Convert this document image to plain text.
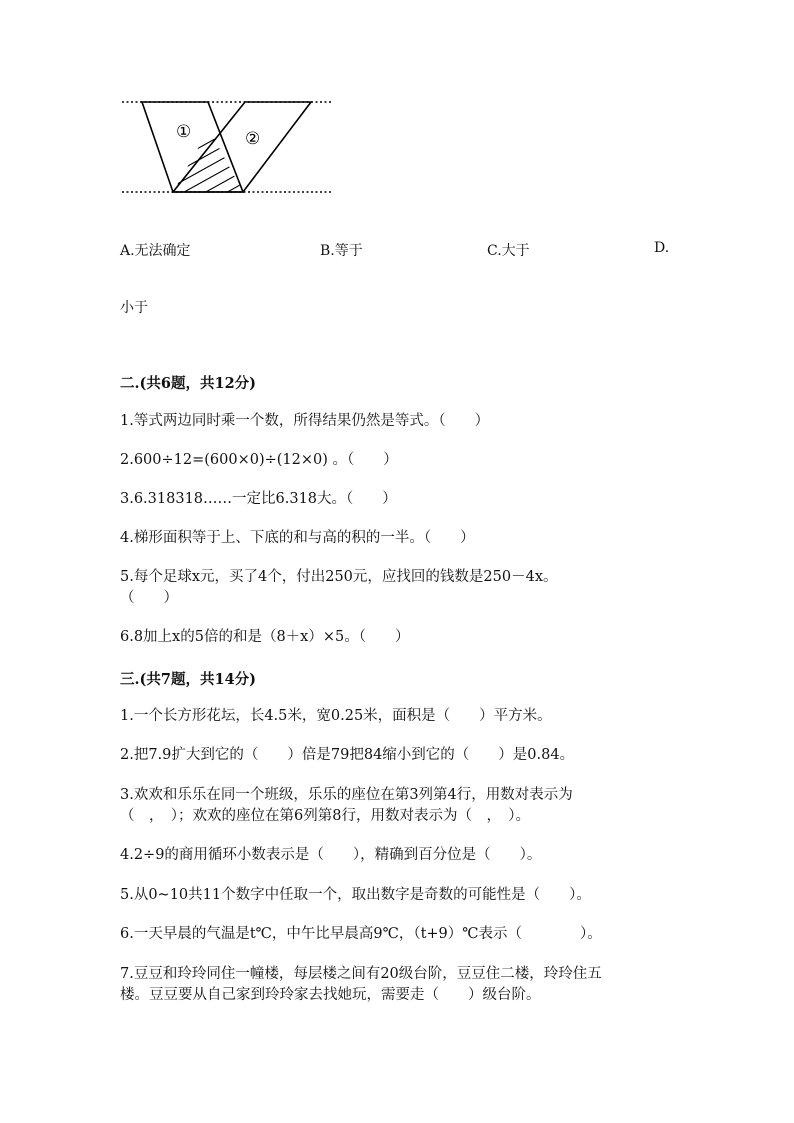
①	②
A.无法确定	B.等于	C.大于	D.
小于
二.(共6题，共12分)
1.等式两边同时乘一个数，所得结果仍然是等式。（　　）
2.600÷12=(600×0)÷(12×0) 。（　　）
3.6.318318……一定比6.318大。（　　）
4.梯形面积等于上、下底的和与高的积的一半。（　　）
5.每个足球x元，买了4个，付出250元，应找回的钱数是250－4x。
（　　）
6.8加上x的5倍的和是（8＋x）×5。（　　）
三.(共7题，共14分)
1.一个长方形花坛，长4.5米，宽0.25米，面积是（　　）平方米。
2.把7.9扩大到它的（　　）倍是79把84缩小到它的（　　）是0.84。
3.欢欢和乐乐在同一个班级，乐乐的座位在第3列第4行，用数对表示为
（　，　）；欢欢的座位在第6列第8行，用数对表示为（　，　）。
4.2÷9的商用循环小数表示是（　　），精确到百分位是（　　）。
5.从0~10共11个数字中任取一个，取出数字是奇数的可能性是（　　）。
6.一天早晨的气温是t℃，中午比早晨高9℃，（t+9）℃表示（　　　　）。
7.豆豆和玲玲同住一幢楼，每层楼之间有20级台阶，豆豆住二楼，玲玲住五
楼。豆豆要从自己家到玲玲家去找她玩，需要走（　　）级台阶。
